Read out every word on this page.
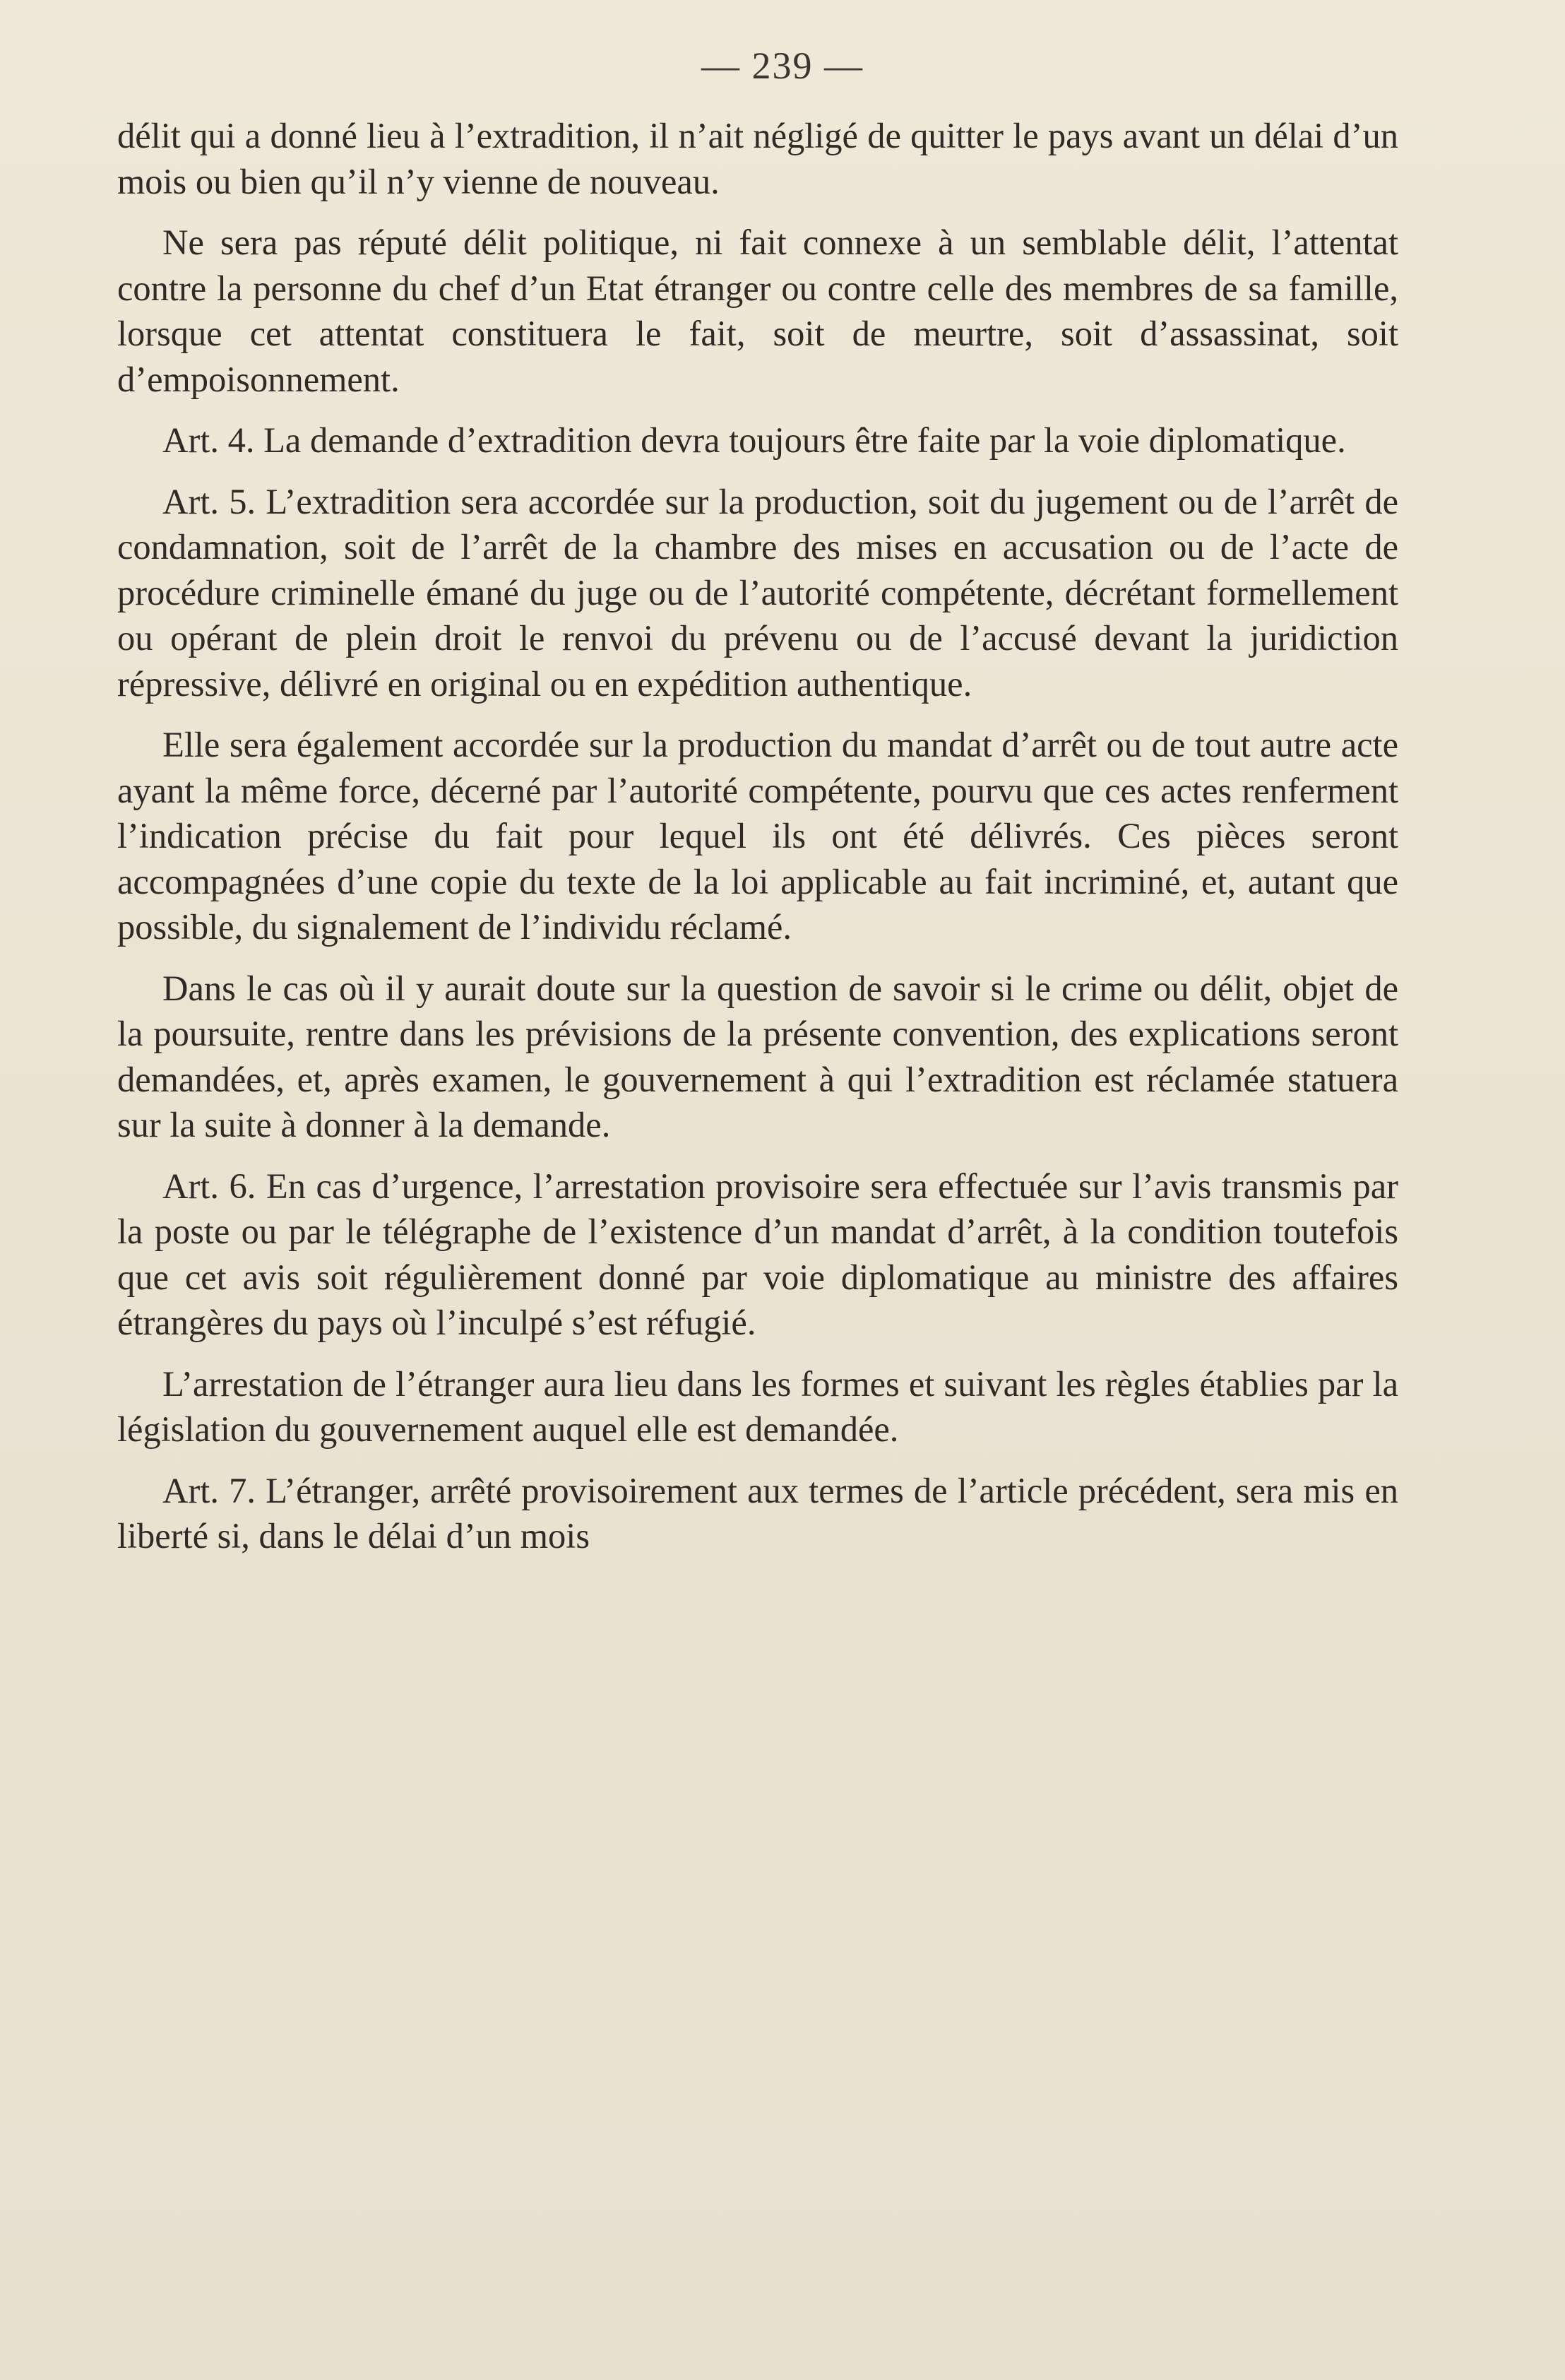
— 239 —

délit qui a donné lieu à l’extradition, il n’ait négligé de quitter le pays avant un délai d’un mois ou bien qu’il n’y vienne de nouveau.

Ne sera pas réputé délit politique, ni fait connexe à un semblable délit, l’attentat contre la personne du chef d’un Etat étranger ou contre celle des membres de sa famille, lorsque cet attentat constituera le fait, soit de meurtre, soit d’assassinat, soit d’empoisonnement.

Art. 4. La demande d’extradition devra toujours être faite par la voie diplomatique.

Art. 5. L’extradition sera accordée sur la production, soit du jugement ou de l’arrêt de condamnation, soit de l’arrêt de la chambre des mises en accusation ou de l’acte de procédure criminelle émané du juge ou de l’autorité compétente, décrétant formellement ou opérant de plein droit le renvoi du prévenu ou de l’accusé devant la juridiction répressive, délivré en original ou en expédition authentique.

Elle sera également accordée sur la production du mandat d’arrêt ou de tout autre acte ayant la même force, décerné par l’autorité compétente, pourvu que ces actes renferment l’indication précise du fait pour lequel ils ont été délivrés. Ces pièces seront accompagnées d’une copie du texte de la loi applicable au fait incriminé, et, autant que possible, du signalement de l’individu réclamé.

Dans le cas où il y aurait doute sur la question de savoir si le crime ou délit, objet de la poursuite, rentre dans les prévisions de la présente convention, des explications seront demandées, et, après examen, le gouvernement à qui l’extradition est réclamée statuera sur la suite à donner à la demande.

Art. 6. En cas d’urgence, l’arrestation provisoire sera effectuée sur l’avis transmis par la poste ou par le télégraphe de l’existence d’un mandat d’arrêt, à la condition toutefois que cet avis soit régulièrement donné par voie diplomatique au ministre des affaires étrangères du pays où l’inculpé s’est réfugié.

L’arrestation de l’étranger aura lieu dans les formes et suivant les règles établies par la législation du gouvernement auquel elle est demandée.

Art. 7. L’étranger, arrêté provisoirement aux termes de l’article précédent, sera mis en liberté si, dans le délai d’un mois
